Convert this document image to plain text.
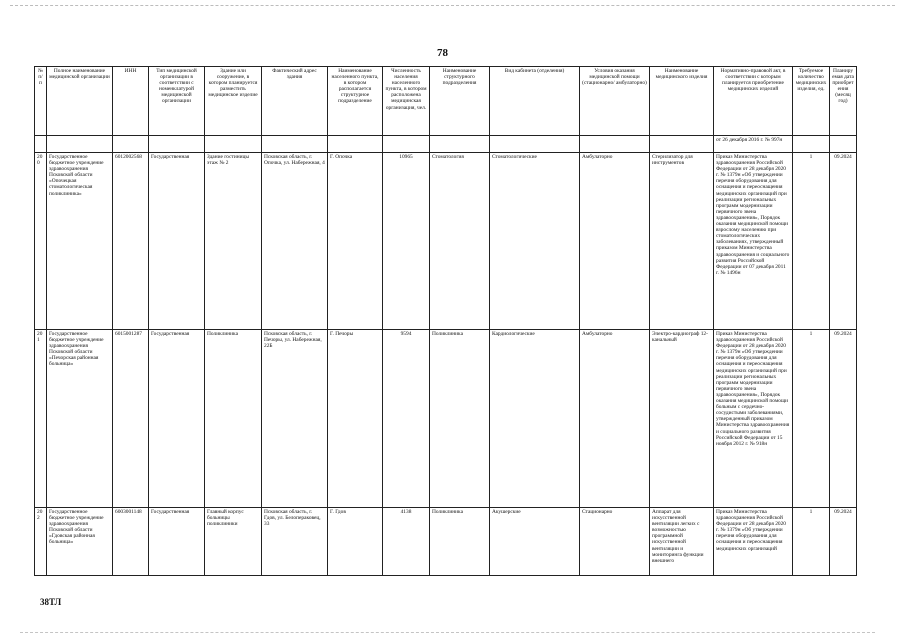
78
№ п/п	Полное наименование медицинской организации	ИНН	Тип медицинской организации в соответствии с номенклатурой медицинской организации	Здание или сооружение, в котором планируется разместить медицинское изделие	Фактический адрес здания	Наименование населенного пункта, в котором располагается структурное подразделение	Численность населения населенного пункта, в котором расположена медицинская организация, чел.	Наименование структурного подразделения	Вид кабинета (отделения)	Условия оказания медицинской помощи (стационарно/ амбулаторно)	Наименование медицинского изделия	Нормативно-правовой акт, в соответствии с которым планируется приобретение медицинских изделий	Требуемое количество медицинских изделия, ед.	Планируемая дата приобретения (месяц год)
												от 26 декабря 2016 г. № 997н		
200	Государственное бюджетное учреждение здравоохранения Псковской области «Опочецкая стоматологическая поликлиника»	6012002568	Государственная	Здание гостиницы этаж № 2	Псковская область, г. Опочка, ул. Набережная, 4	Г. Опочка	10965	Стоматология	Стоматологические	Амбулаторно	Стерилизатор для инструментов	Приказ Министерства здравоохранения Российской Федерации от 28 декабря 2020 г. № 1379н «Об утверждении перечня оборудования для оснащения и переоснащения медицинских организаций при реализации региональных программ модернизации первичного звена здравоохранения», Порядок оказания медицинской помощи взрослому населению при стоматологических заболеваниях, утвержденный приказом Министерства здравоохранения и социального развития Российской Федерации от 07 декабря 2011 г. № 1496н	1	09.2024
201	Государственное бюджетное учреждение здравоохранения Псковской области «Печорская районная больница»	6015001287	Государственная	Поликлиника	Псковская область, г. Печоры, ул. Набережная, 22Б	Г. Печоры	9594	Поликлиника	Кардиологические	Амбулаторно	Электро-кардиограф 12-канальный	Приказ Министерства здравоохранения Российской Федерации от 28 декабря 2020 г. № 1379н «Об утверждении перечня оборудования для оснащения и переоснащения медицинских организаций при реализации региональных программ модернизации первичного звена здравоохранения», Порядок оказания медицинской помощи больным с сердечно-сосудистыми заболеваниями, утвержденный приказом Министерства здравоохранения и социального развития Российской Федерации от 15 ноября 2012 г. № 918н	1	09.2024
202	Государственное бюджетное учреждение здравоохранения Псковской области «Гдовская районная больница»	6003001148	Государственная	Главный корпус больницы поликлиники	Псковская область, г. Гдов, ул. Белопераковец, 33	Г. Гдов	4138	Поликлиника	Акушерские	Стационарно	Аппарат для искусственной вентиляции легких с возможностью программной искусственной вентиляции и мониторинга функции внешнего	Приказ Министерства здравоохранения Российской Федерации от 28 декабря 2020 г. № 1379н «Об утверждении перечня оборудования для оснащения и переоснащения медицинских организаций	1	09.2024
38ТЛ
